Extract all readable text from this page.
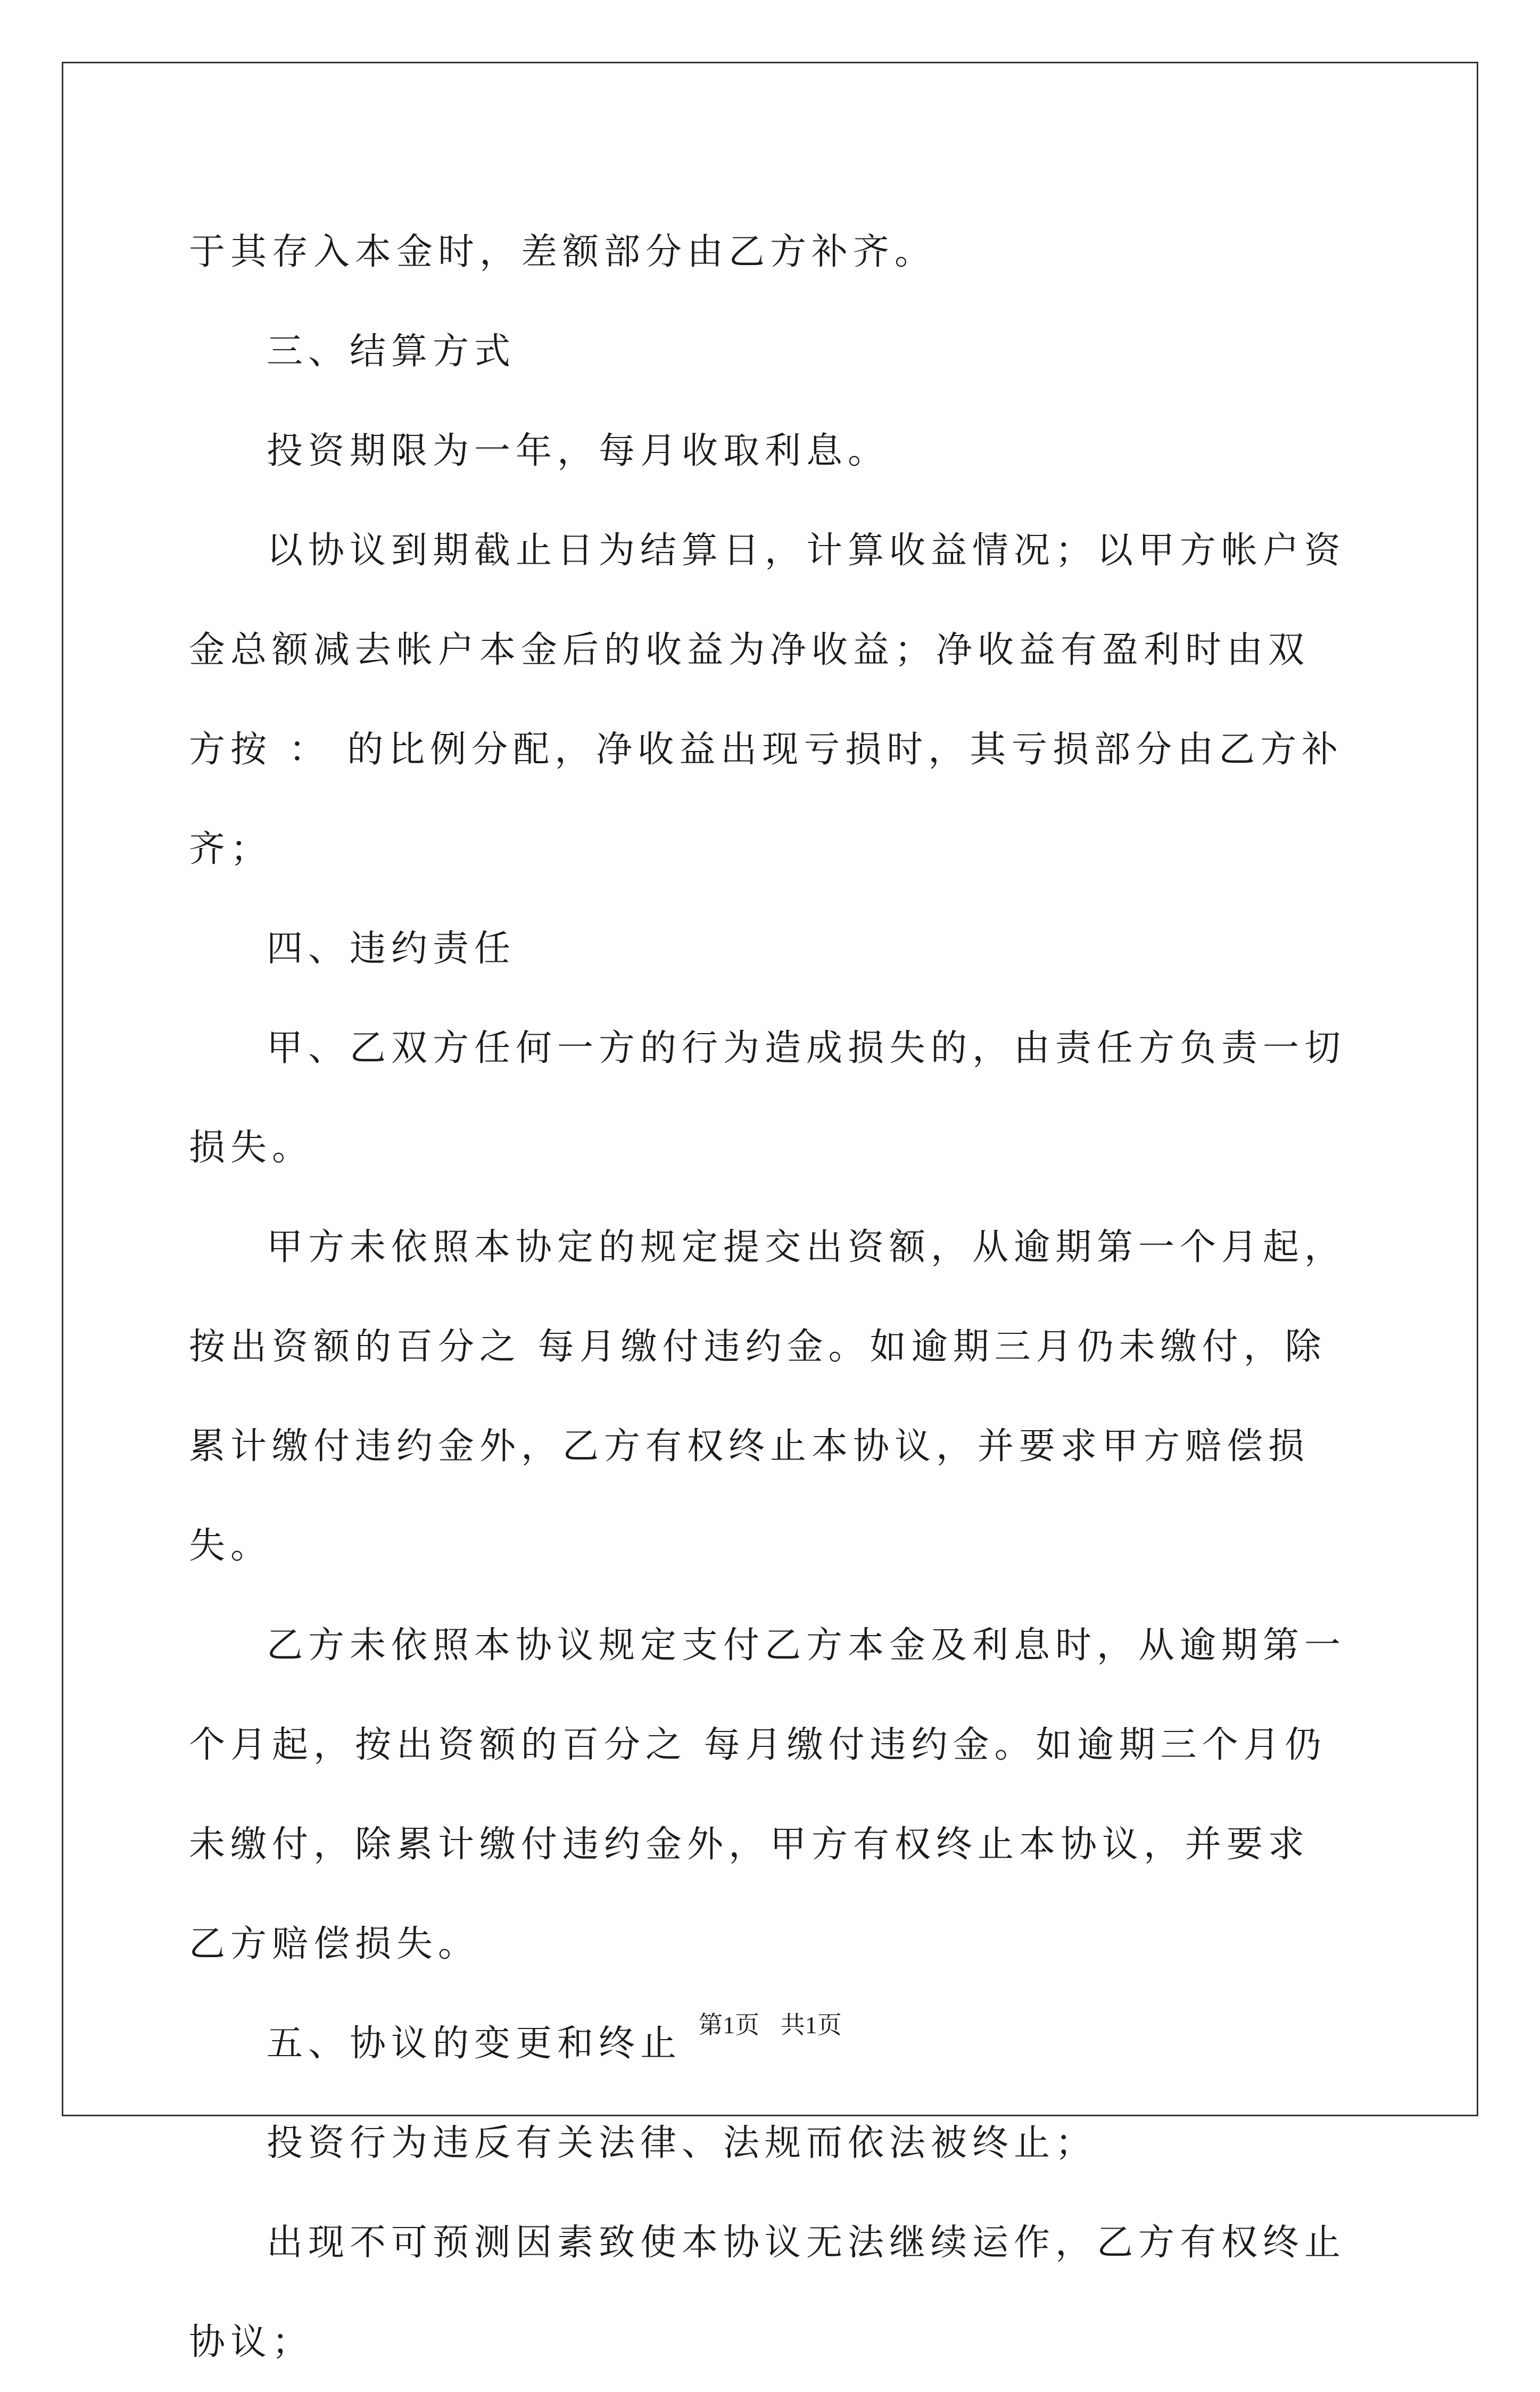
于其存入本金时，差额部分由乙方补齐。

三、结算方式

投资期限为一年，每月收取利息。

以协议到期截止日为结算日，计算收益情况；以甲方帐户资金总额减去帐户本金后的收益为净收益；净收益有盈利时由双方按 ： 的比例分配，净收益出现亏损时，其亏损部分由乙方补齐；

四、违约责任

甲、乙双方任何一方的行为造成损失的，由责任方负责一切损失。

甲方未依照本协定的规定提交出资额，从逾期第一个月起，按出资额的百分之 每月缴付违约金。如逾期三月仍未缴付，除累计缴付违约金外，乙方有权终止本协议，并要求甲方赔偿损失。

乙方未依照本协议规定支付乙方本金及利息时，从逾期第一个月起，按出资额的百分之 每月缴付违约金。如逾期三个月仍未缴付，除累计缴付违约金外，甲方有权终止本协议，并要求乙方赔偿损失。

五、协议的变更和终止

投资行为违反有关法律、法规而依法被终止；

出现不可预测因素致使本协议无法继续运作，乙方有权终止协议；

第1页 共1页
